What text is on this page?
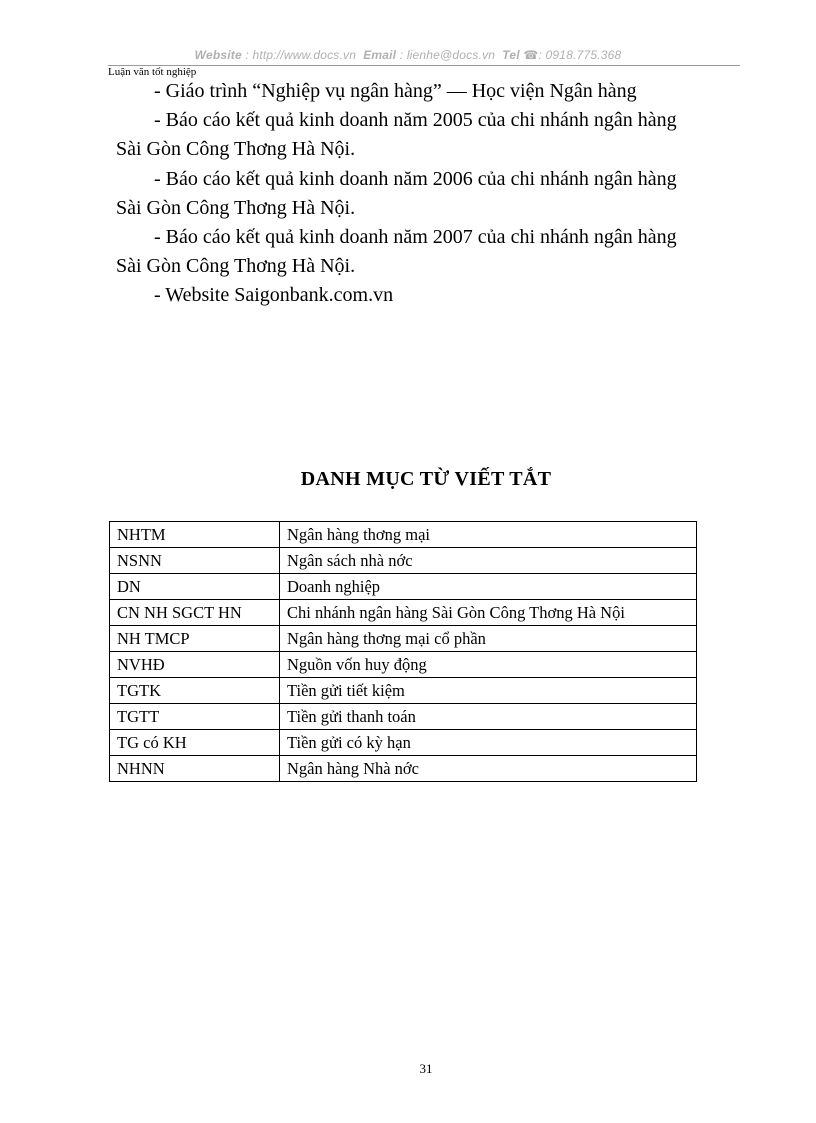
Website : http://www.docs.vn Email : lienhe@docs.vn Tel ☎: 0918.775.368
Luận văn tốt nghiệp

- Giáo trình “Nghiệp vụ ngân hàng” — Học viện Ngân hàng

- Báo cáo kết quả kinh doanh năm 2005 của chi nhánh ngân hàng
Sài Gòn Công Thơng Hà Nội.

- Báo cáo kết quả kinh doanh năm 2006 của chi nhánh ngân hàng
Sài Gòn Công Thơng Hà Nội.

- Báo cáo kết quả kinh doanh năm 2007 của chi nhánh ngân hàng
Sài Gòn Công Thơng Hà Nội.

- Website Saigonbank.com.vn

DANH MỤC TỪ VIẾT TẮT
NHTM	Ngân hàng thơng mại
NSNN	Ngân sách nhà nớc
DN	Doanh nghiệp
CN NH SGCT HN	Chi nhánh ngân hàng Sài Gòn Công Thơng Hà Nội
NH TMCP	Ngân hàng thơng mại cổ phần
NVHĐ	Nguồn vốn huy động
TGTK	Tiền gửi tiết kiệm
TGTT	Tiền gửi thanh toán
TG có KH	Tiền gửi có kỳ hạn
NHNN	Ngân hàng Nhà nớc
31
